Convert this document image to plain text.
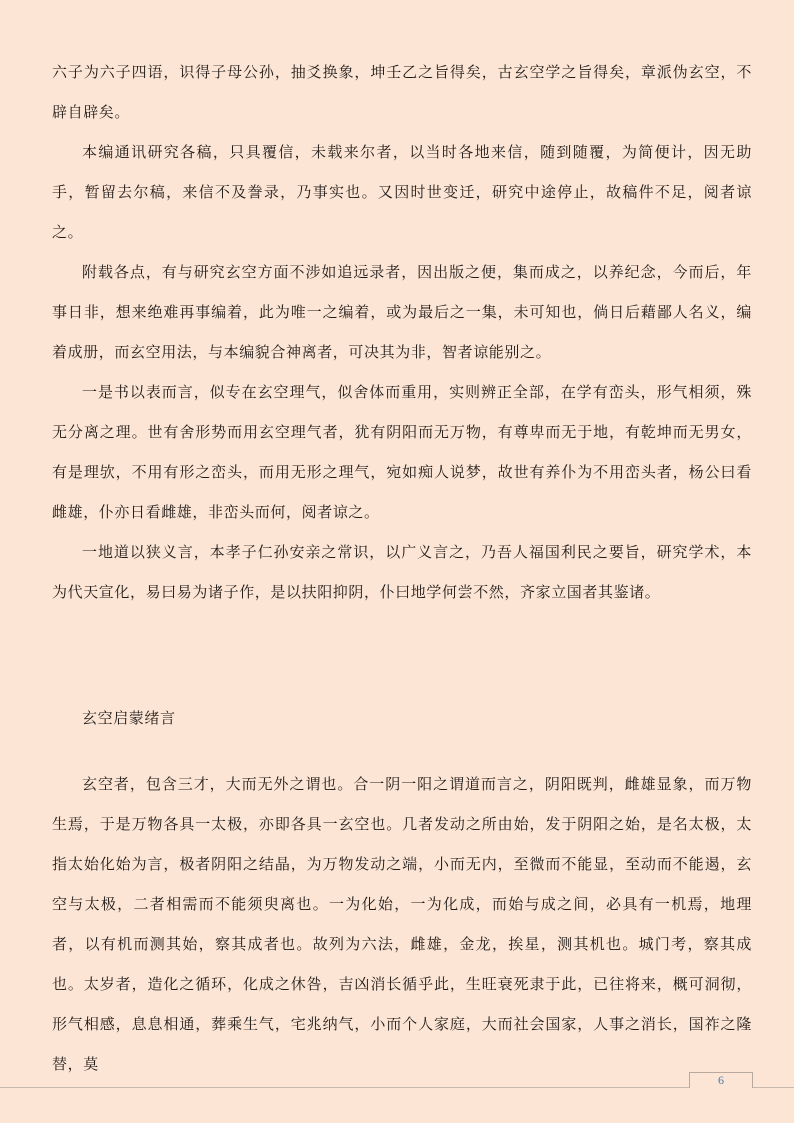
六子为六子四语，识得子母公孙，抽爻换象，坤壬乙之旨得矣，古玄空学之旨得矣，章派伪玄空，不辟自辟矣。

本编通讯研究各稿，只具覆信，未载来尔者，以当时各地来信，随到随覆，为简便计，因无助手，暂留去尔稿，来信不及誊录，乃事实也。又因时世变迁，研究中途停止，故稿件不足，阅者谅之。

附载各点，有与研究玄空方面不涉如追远录者，因出版之便，集而成之，以养纪念，今而后，年事日非，想来绝难再事编着，此为唯一之编着，或为最后之一集，未可知也，倘日后藉鄙人名义，编着成册，而玄空用法，与本编貌合神离者，可决其为非，智者谅能别之。

一是书以表而言，似专在玄空理气，似舍体而重用，实则辨正全部，在学有峦头，形气相须，殊无分离之理。世有舍形势而用玄空理气者，犹有阴阳而无万物，有尊卑而无于地，有乾坤而无男女，有是理欤，不用有形之峦头，而用无形之理气，宛如痴人说梦，故世有养仆为不用峦头者，杨公曰看雌雄，仆亦日看雌雄，非峦头而何，阅者谅之。

一地道以狭义言，本孝子仁孙安亲之常识，以广义言之，乃吾人福国利民之要旨，研究学术，本为代天宣化，易曰易为诸子作，是以扶阳抑阴，仆曰地学何尝不然，齐家立国者其鉴诸。

玄空启蒙绪言

玄空者，包含三才，大而无外之谓也。合一阴一阳之谓道而言之，阴阳既判，雌雄显象，而万物生焉，于是万物各具一太极，亦即各具一玄空也。几者发动之所由始，发于阴阳之始，是名太极，太指太始化始为言，极者阴阳之结晶，为万物发动之端，小而无内，至微而不能显，至动而不能遏，玄空与太极，二者相需而不能须臾离也。一为化始，一为化成，而始与成之间，必具有一机焉，地理者，以有机而测其始，察其成者也。故列为六法，雌雄，金龙，挨星，测其机也。城门考，察其成也。太岁者，造化之循环，化成之休咎，吉凶消长循乎此，生旺衰死隶于此，已往将来，概可洞彻，形气相感，息息相通，葬乘生气，宅兆纳气，小而个人家庭，大而社会国家，人事之消长，国祚之隆替，莫

6
